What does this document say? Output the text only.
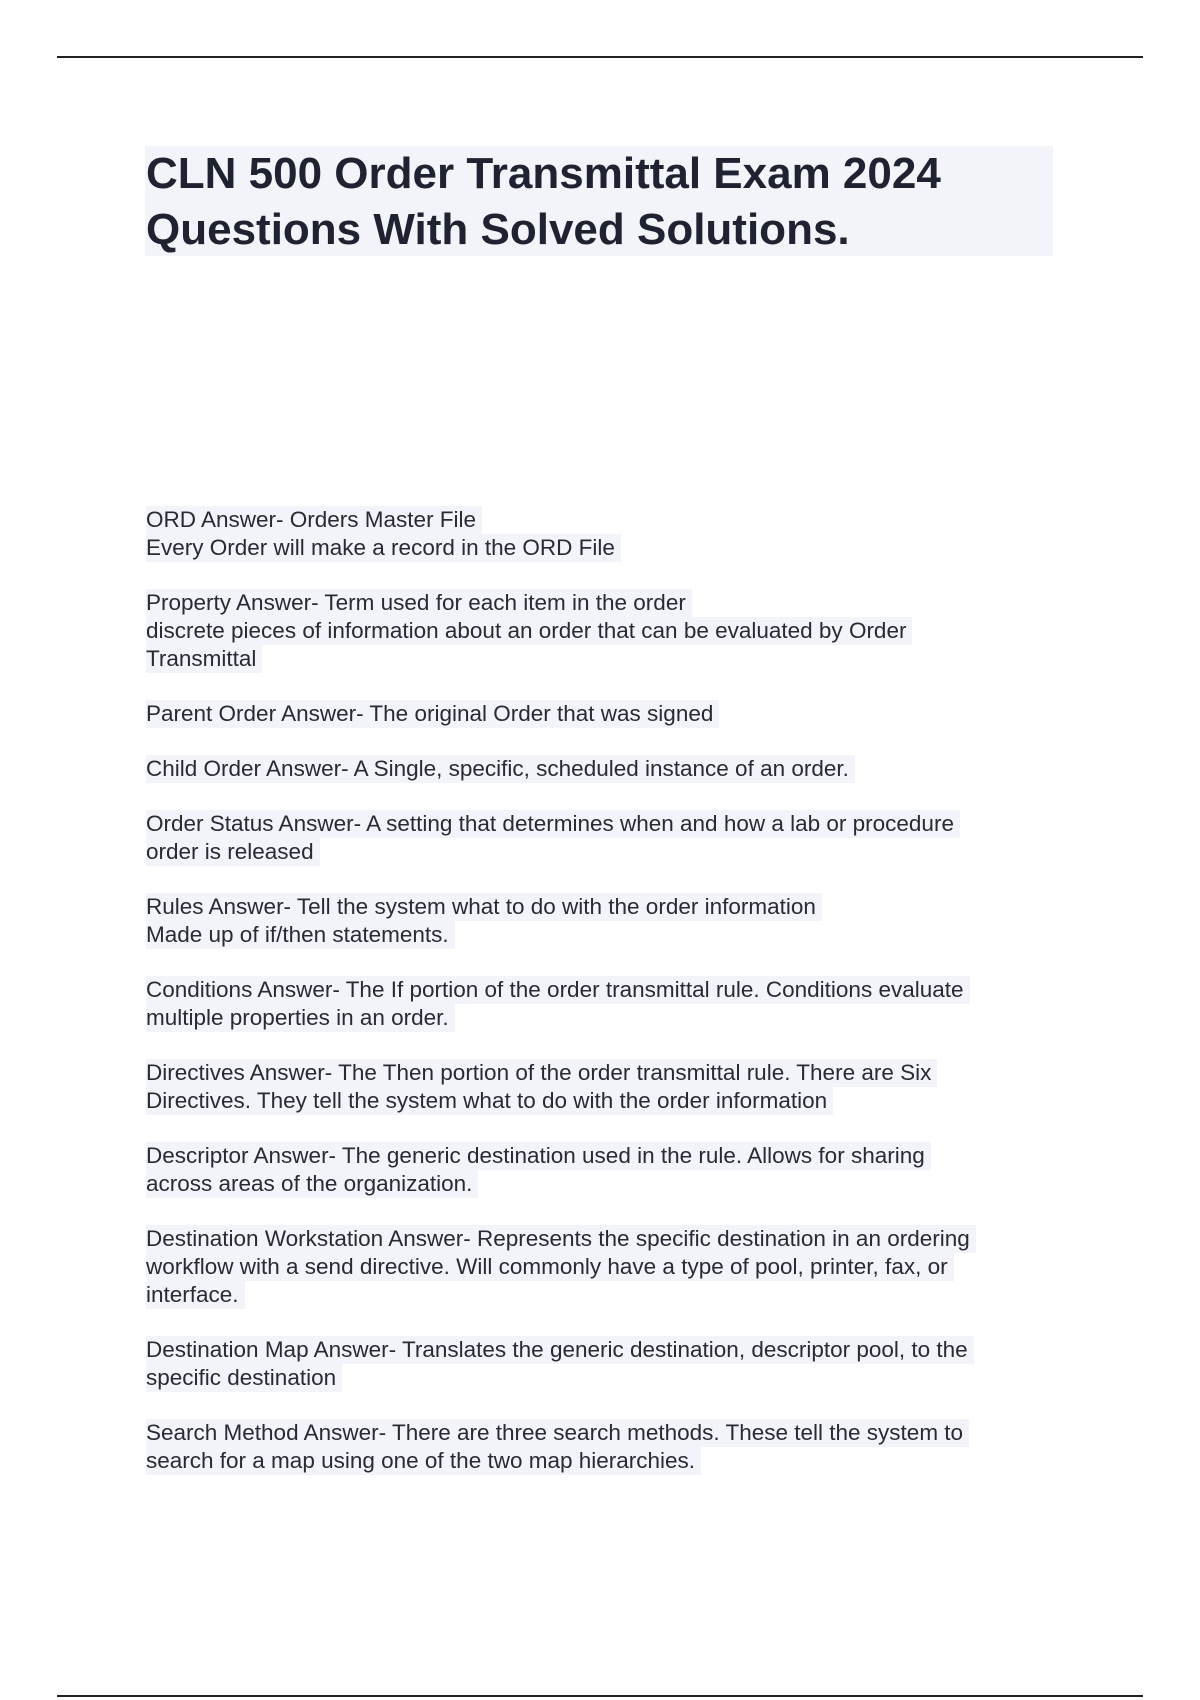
CLN 500 Order Transmittal Exam 2024
Questions With Solved Solutions.
ORD Answer- Orders Master File
Every Order will make a record in the ORD File
Property Answer- Term used for each item in the order
discrete pieces of information about an order that can be evaluated by Order
Transmittal
Parent Order Answer- The original Order that was signed
Child Order Answer- A Single, specific, scheduled instance of an order.
Order Status Answer- A setting that determines when and how a lab or procedure
order is released
Rules Answer- Tell the system what to do with the order information
Made up of if/then statements.
Conditions Answer- The If portion of the order transmittal rule. Conditions evaluate
multiple properties in an order.
Directives Answer- The Then portion of the order transmittal rule. There are Six
Directives. They tell the system what to do with the order information
Descriptor Answer- The generic destination used in the rule. Allows for sharing
across areas of the organization.
Destination Workstation Answer- Represents the specific destination in an ordering
workflow with a send directive. Will commonly have a type of pool, printer, fax, or
interface.
Destination Map Answer- Translates the generic destination, descriptor pool, to the
specific destination
Search Method Answer- There are three search methods. These tell the system to
search for a map using one of the two map hierarchies.
